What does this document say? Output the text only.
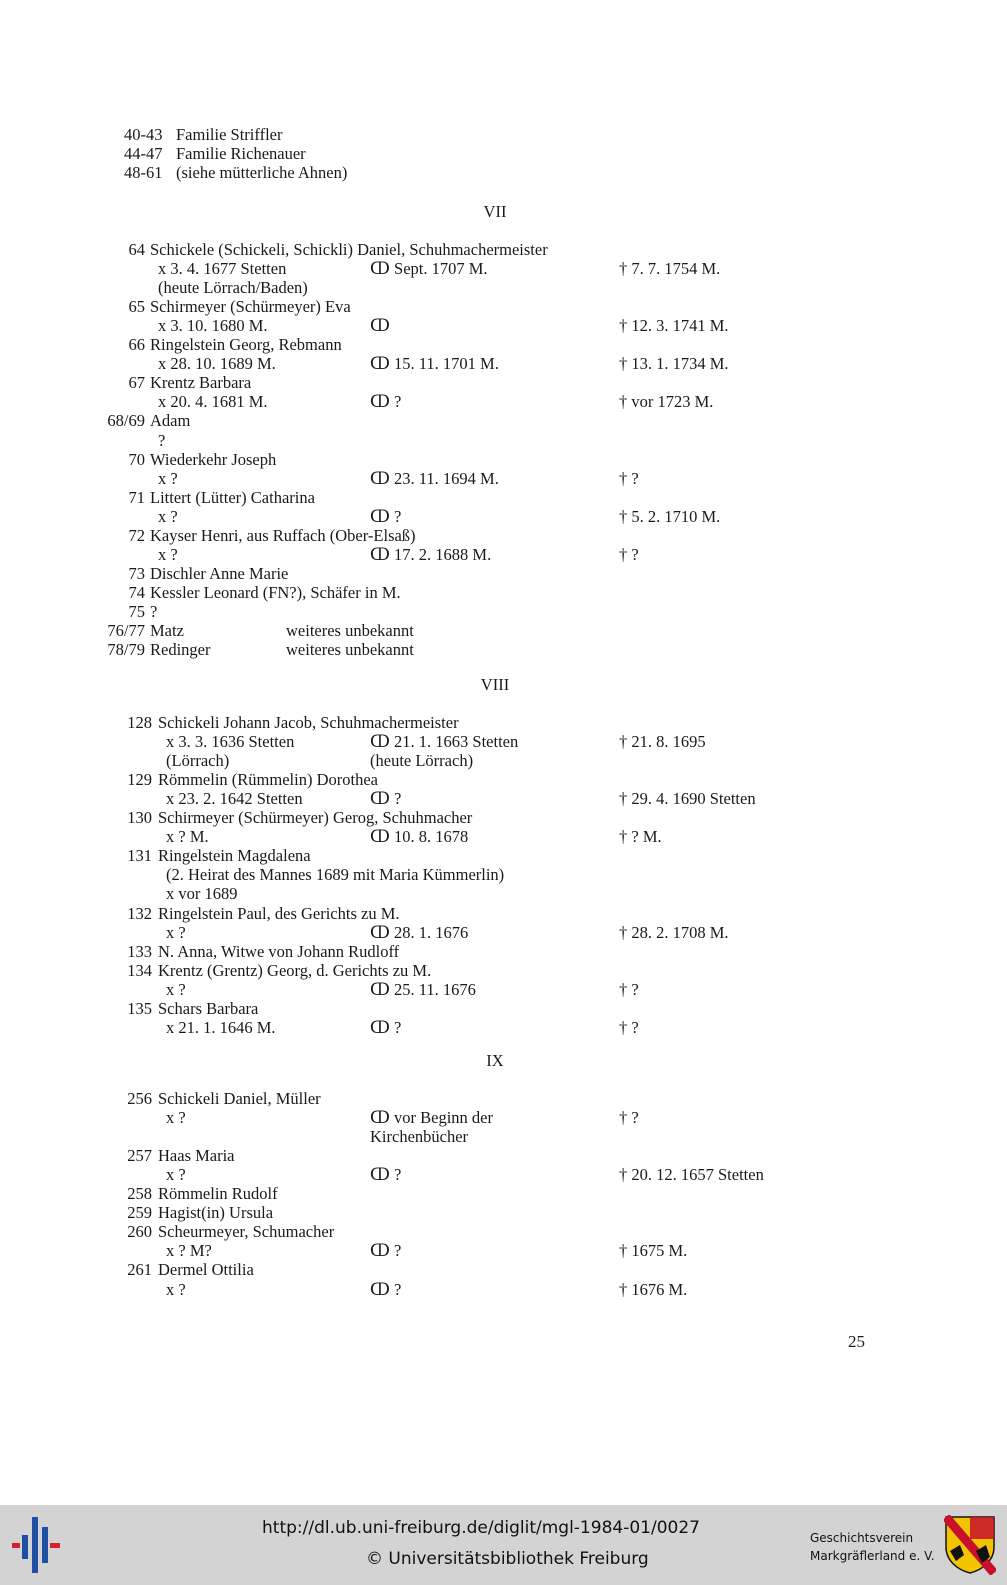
40-43 Familie Striffler
44-47 Familie Richenauer
48-61 (siehe mütterliche Ahnen)
VII
64 Schickele (Schickeli, Schickli) Daniel, Schuhmachermeister
x 3. 4. 1677 Stetten	ↀ Sept. 1707 M.	† 7. 7. 1754 M.
(heute Lörrach/Baden)
65 Schirmeyer (Schürmeyer) Eva
x 3. 10. 1680 M.	ↀ	† 12. 3. 1741 M.
66 Ringelstein Georg, Rebmann
x 28. 10. 1689 M.	ↀ 15. 11. 1701 M.	† 13. 1. 1734 M.
67 Krentz Barbara
x 20. 4. 1681 M.	ↀ ?	† vor 1723 M.
68/69 Adam
?
70 Wiederkehr Joseph
x ?	ↀ 23. 11. 1694 M.	† ?
71 Littert (Lütter) Catharina
x ?	ↀ ?	† 5. 2. 1710 M.
72 Kayser Henri, aus Ruffach (Ober-Elsaß)
x ?	ↀ 17. 2. 1688 M.	† ?
73 Dischler Anne Marie
74 Kessler Leonard (FN?), Schäfer in M.
75 ?
76/77 Matz	weiteres unbekannt
78/79 Redinger	weiteres unbekannt
VIII
128 Schickeli Johann Jacob, Schuhmachermeister
x 3. 3. 1636 Stetten	ↀ 21. 1. 1663 Stetten	† 21. 8. 1695
(Lörrach)	(heute Lörrach)
129 Römmelin (Rümmelin) Dorothea
x 23. 2. 1642 Stetten	ↀ ?	† 29. 4. 1690 Stetten
130 Schirmeyer (Schürmeyer) Gerog, Schuhmacher
x ? M.	ↀ 10. 8. 1678	† ? M.
131 Ringelstein Magdalena
(2. Heirat des Mannes 1689 mit Maria Kümmerlin)
x vor 1689
132 Ringelstein Paul, des Gerichts zu M.
x ?	ↀ 28. 1. 1676	† 28. 2. 1708 M.
133 N. Anna, Witwe von Johann Rudloff
134 Krentz (Grentz) Georg, d. Gerichts zu M.
x ?	ↀ 25. 11. 1676	† ?
135 Schars Barbara
x 21. 1. 1646 M.	ↀ ?	† ?
IX
256 Schickeli Daniel, Müller
x ?	ↀ vor Beginn der	† ?
Kirchenbücher
257 Haas Maria
x ?	ↀ ?	† 20. 12. 1657 Stetten
258 Römmelin Rudolf
259 Hagist(in) Ursula
260 Scheurmeyer, Schumacher
x ? M?	ↀ ?	† 1675 M.
261 Dermel Ottilia
x ?	ↀ ?	† 1676 M.
25
http://dl.ub.uni-freiburg.de/diglit/mgl-1984-01/0027
© Universitätsbibliothek Freiburg
Geschichtsverein
Markgräflerland e. V.
